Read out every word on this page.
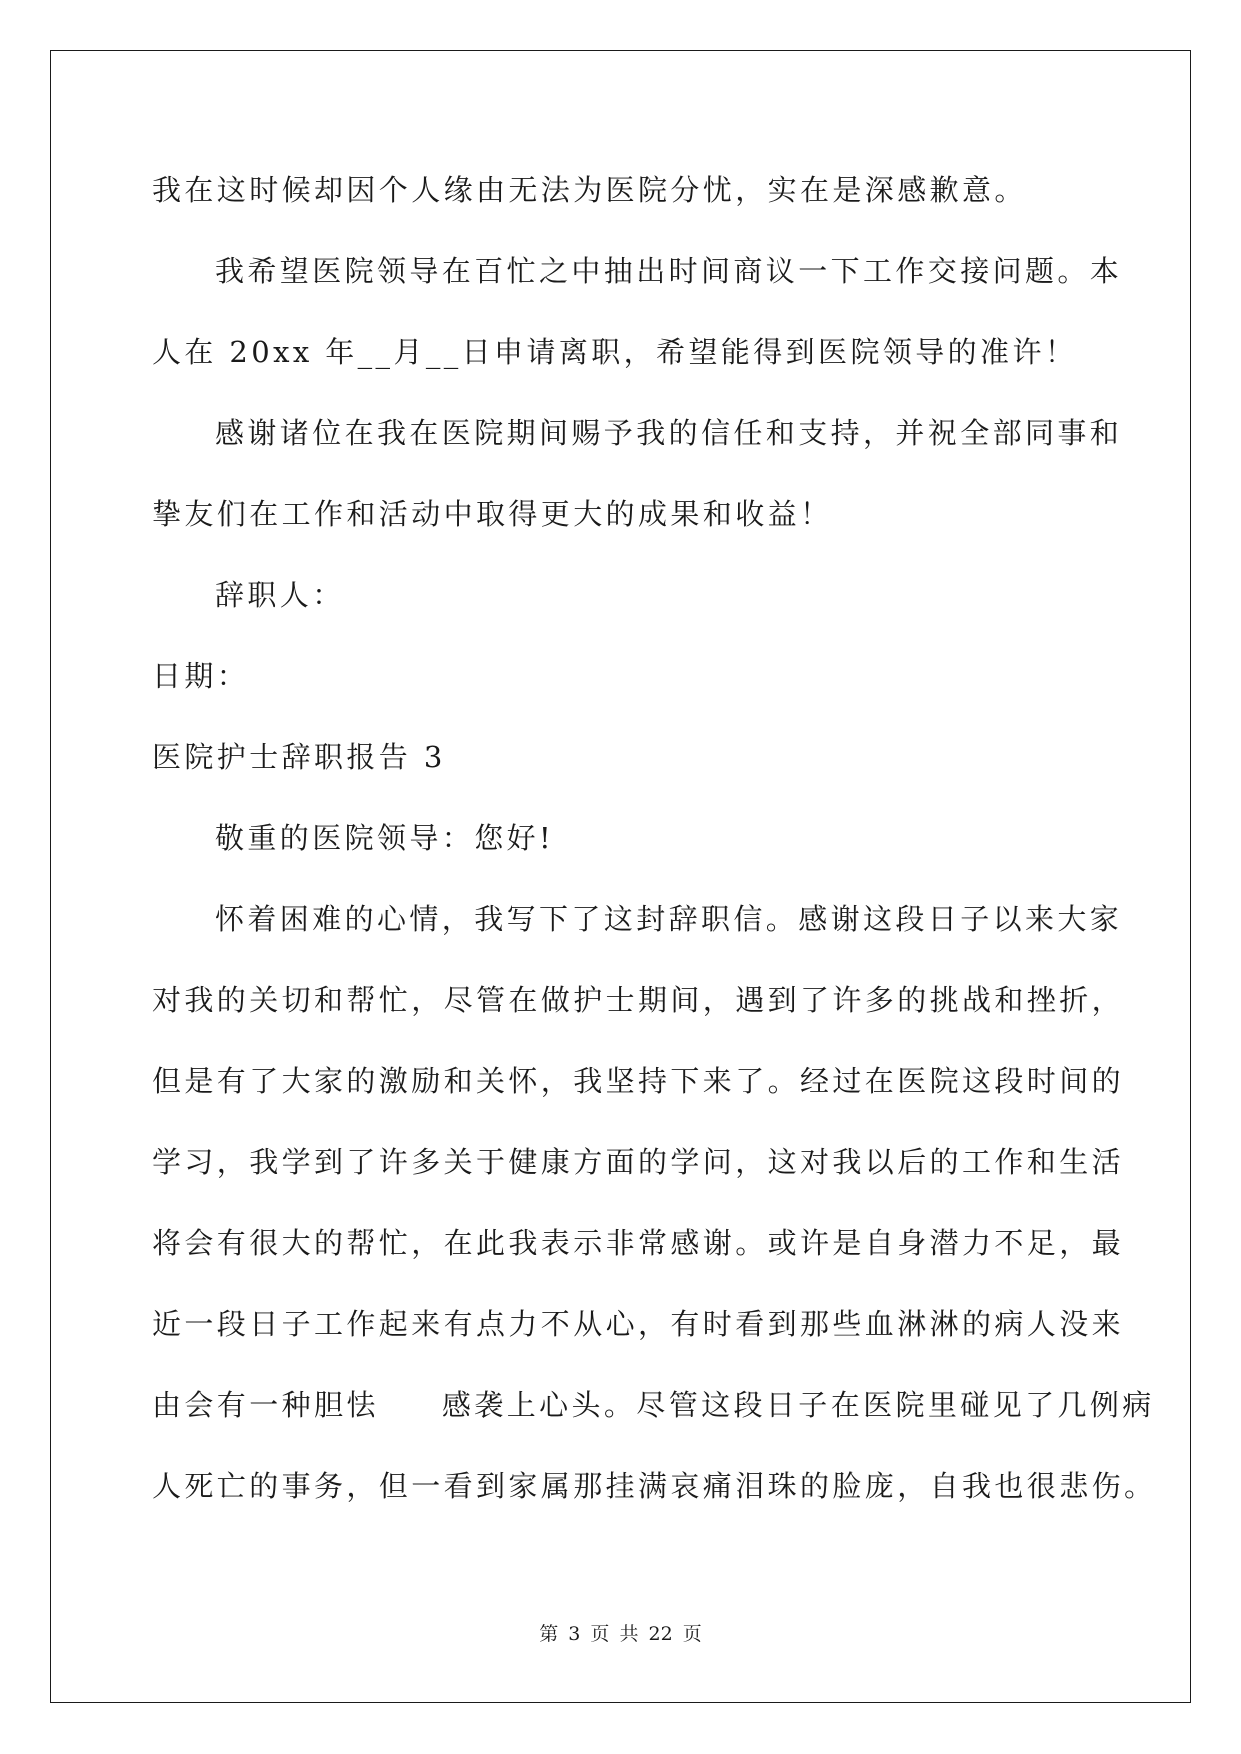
我在这时候却因个人缘由无法为医院分忧，实在是深感歉意。
我希望医院领导在百忙之中抽出时间商议一下工作交接问题。本
人在 20xx 年__月__日申请离职，希望能得到医院领导的准许！
感谢诸位在我在医院期间赐予我的信任和支持，并祝全部同事和
挚友们在工作和活动中取得更大的成果和收益！
辞职人：
日期：
医院护士辞职报告 3
敬重的医院领导：您好!
怀着困难的心情，我写下了这封辞职信。感谢这段日子以来大家
对我的关切和帮忙，尽管在做护士期间，遇到了许多的挑战和挫折，
但是有了大家的激励和关怀，我坚持下来了。经过在医院这段时间的
学习，我学到了许多关于健康方面的学问，这对我以后的工作和生活
将会有很大的帮忙，在此我表示非常感谢。或许是自身潜力不足，最
近一段日子工作起来有点力不从心，有时看到那些血淋淋的病人没来
由会有一种胆怯     感袭上心头。尽管这段日子在医院里碰见了几例病
人死亡的事务，但一看到家属那挂满哀痛泪珠的脸庞，自我也很悲伤。
第 3 页 共 22 页
